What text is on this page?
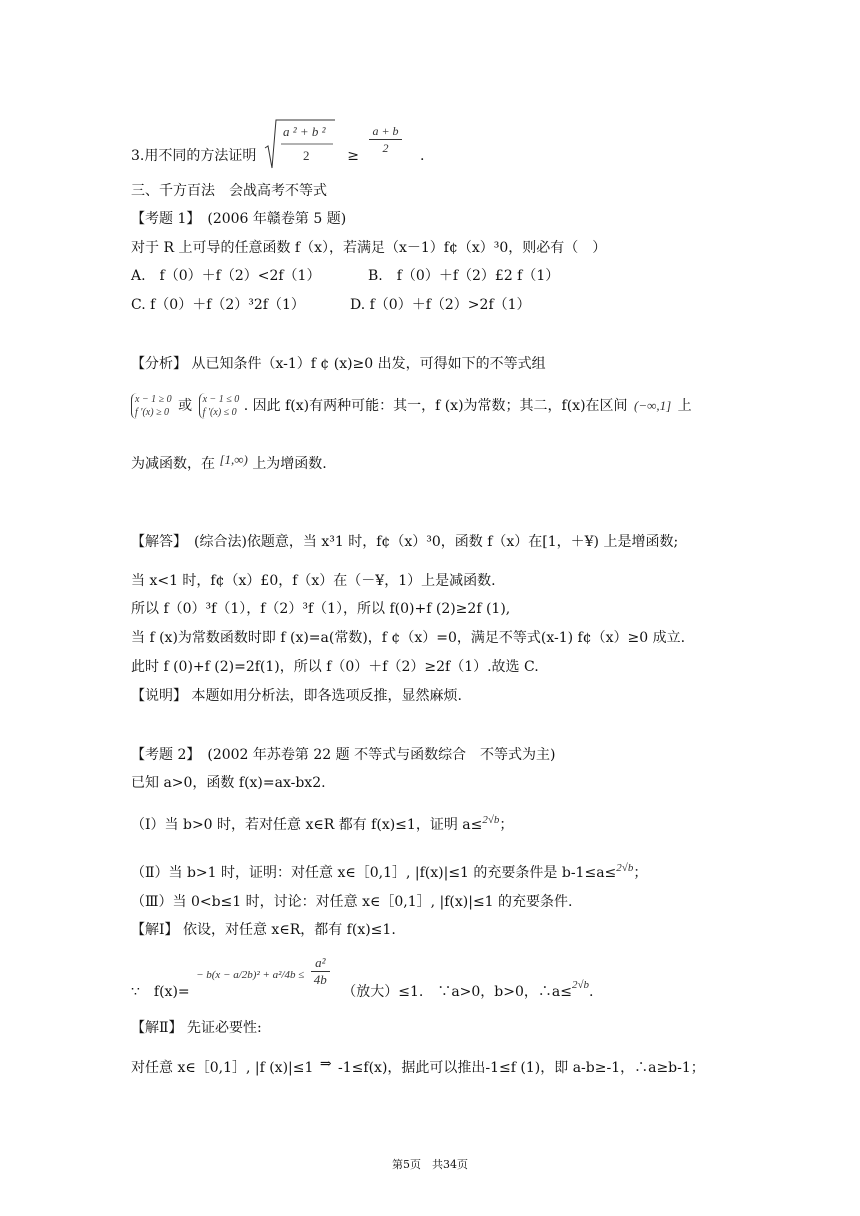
3.用不同的方法证明
a ² + b ²
2	≥
$\frac{a + b}{2}$
.
三、千方百法　会战高考不等式
【考题 1】　(2006 年赣卷第 5 题)
对于 R 上可导的任意函数 f（x），若满足（x－1）f¢（x）³0，则必有（　）
A.　f（0）＋f（2）<2f（1）	B.　f（0）＋f（2）£2 f（1）
C. f（0）＋f（2）³2f（1）	D. f（0）＋f（2）>2f（1）
【分析】 从已知条件（x-1）f ¢ (x)≥0 出发，可得如下的不等式组
x − 1 ≥ 0
f ′(x) ≥ 0 或 x − 1 ≤ 0
f ′(x) ≤ 0 . 因此 f(x)有两种可能：其一，f (x)为常数；其二，f(x)在区间 (−∞,1] 上
为减函数，在 [1,∞) 上为增函数.
【解答】　(综合法)依题意，当 x³1 时，f¢（x）³0，函数 f（x）在[1，＋¥) 上是增函数;
当 x<1 时，f¢（x）£0，f（x）在（－¥，1）上是减函数.
所以 f（0）³f（1），f（2）³f（1），所以 f(0)+f (2)≥2f (1),
当 f (x)为常数函数时即 f (x)=a(常数)，f ¢（x）=0，满足不等式(x-1) f¢（x）≥0 成立.
此时 f (0)+f (2)=2f(1)，所以 f（0）＋f（2）≥2f（1）.故选 C.
【说明】 本题如用分析法，即各选项反推，显然麻烦.
【考题 2】　(2002 年苏卷第 22 题 不等式与函数综合　不等式为主)
已知 a>0，函数 f(x)=ax-bx2.
（Ⅰ）当 b>0 时，若对任意 x∈R 都有 f(x)≤1，证明 a≤$^{2√b}$；
（Ⅱ）当 b>1 时，证明：对任意 x∈［0,1］, |f(x)|≤1 的充要条件是 b-1≤a≤$^{2√b}$；
（Ⅲ）当 0<b≤1 时，讨论：对任意 x∈［0,1］, |f(x)|≤1 的充要条件.
【解Ⅰ】 依设，对任意 x∈R，都有 f(x)≤1.
∵　$f(x)= ^{- b(x - a/2b)^2 + a^2/4b \le} \frac{\text{a²}}{4b}$
（放大）≤1.　∵a>0，b>0，∴a≤2√b.
【解Ⅱ】 先证必要性:
对任意 x∈［0,1］, |f (x)|≤1 ⇒ -1≤f(x)，据此可以推出-1≤f (1)，即 a-b≥-1，∴a≥b-1；
第5页　共34页
